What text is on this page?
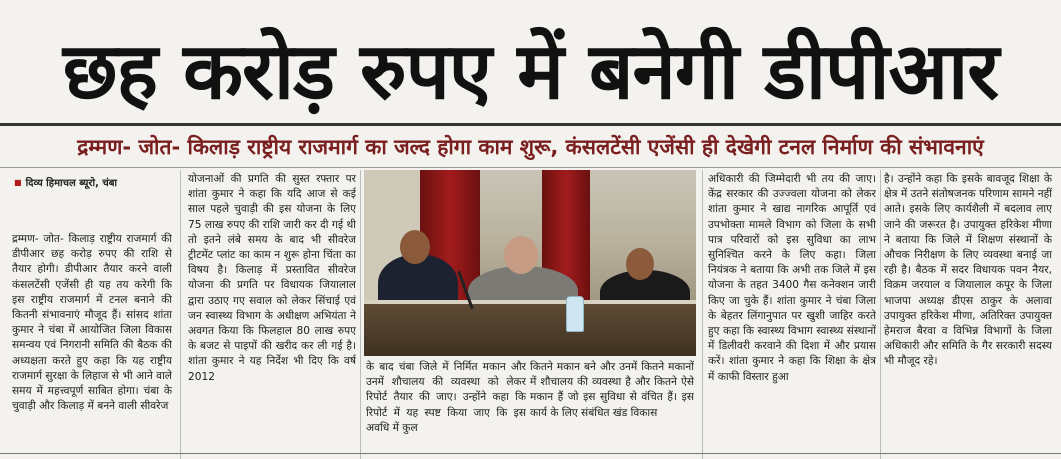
छह करोड़ रुपए में बनेगी डीपीआर
द्रम्मण- जोत- किलाड़ राष्ट्रीय राजमार्ग का जल्द होगा काम शुरू, कंसलटेंसी एजेंसी ही देखेगी टनल निर्माण की संभावनाएं
■ दिव्य हिमाचल ब्यूरो, चंबा

द्रम्मण- जोत- किलाड़ राष्ट्रीय राजमार्ग की डीपीआर छह करोड़ रुपए की राशि से तैयार होगी। डीपीआर तैयार करने वाली कंसलटेंसी एजेंसी ही यह तय करेगी कि इस राष्ट्रीय राजमार्ग में टनल बनाने की कितनी संभावनाएं मौजूद हैं। सांसद शांता कुमार ने चंबा में आयोजित जिला विकास समन्वय एवं निगरानी समिति की बैठक की अध्यक्षता करते हुए कहा कि यह राष्ट्रीय राजमार्ग सुरक्षा के लिहाज से भी आने वाले समय में महत्त्वपूर्ण साबित होगा। चंबा के चुवाड़ी और किलाड़ में बनने वाली सीवरेज

योजनाओं की प्रगति की सुस्त रफ्तार पर शांता कुमार ने कहा कि यदि आज से कई साल पहले चुवाड़ी की इस योजना के लिए 75 लाख रुपए की राशि जारी कर दी गई थी तो इतने लंबे समय के बाद भी सीवरेज ट्रीटमेंट प्लांट का काम न शुरू होना चिंता का विषय है। किलाड़ में प्रस्तावित सीवरेज योजना की प्रगति पर विधायक जियालाल द्वारा उठाए गए सवाल को लेकर सिंचाई एवं जन स्वास्थ्य विभाग के अधीक्षण अभियंता ने अवगत किया कि फिलहाल 80 लाख रुपए के बजट से पाइपों की खरीद कर ली गई है। शांता कुमार ने यह निर्देश भी दिए कि वर्ष 2012

के बाद चंबा जिले में निर्मित मकान और उनमें शौचालय की व्यवस्था को लेकर रिपोर्ट तैयार की जाए। उन्होंने कहा कि रिपोर्ट में यह स्पष्ट किया जाए कि इस अवधि में कुल

कितने मकान बने और उनमें कितने मकानों में शौचालय की व्यवस्था है और कितने ऐसे मकान हैं जो इस सुविधा से वंचित हैं। इस कार्य के लिए संबंधित खंड विकास

अधिकारी की जिम्मेदारी भी तय की जाए। केंद्र सरकार की उज्ज्वला योजना को लेकर शांता कुमार ने खाद्य नागरिक आपूर्ति एवं उपभोक्ता मामले विभाग को जिला के सभी पात्र परिवारों को इस सुविधा का लाभ सुनिश्चित करने के लिए कहा। जिला नियंत्रक ने बताया कि अभी तक जिले में इस योजना के तहत 3400 गैस कनेक्शन जारी किए जा चुके हैं। शांता कुमार ने चंबा जिला के बेहतर लिंगानुपात पर खुशी जाहिर करते हुए कहा कि स्वास्थ्य विभाग स्वास्थ्य संस्थानों में डिलीवरी करवाने की दिशा में और प्रयास करें। शांता कुमार ने कहा कि शिक्षा के क्षेत्र में काफी विस्तार हुआ

है। उन्होंने कहा कि इसके बावजूद शिक्षा के क्षेत्र में उतने संतोषजनक परिणाम सामने नहीं आते। इसके लिए कार्यशैली में बदलाव लाए जाने की जरूरत है। उपायुक्त हरिकेश मीणा ने बताया कि जिले में शिक्षण संस्थानों के औचक निरीक्षण के लिए व्यवस्था बनाई जा रही है। बैठक में सदर विधायक पवन नैयर, विक्रम जरयाल व जियालाल कपूर के जिला भाजपा अध्यक्ष डीएस ठाकुर के अलावा उपायुक्त हरिकेश मीणा, अतिरिक्त उपायुक्त हेमराज बैरवा व विभिन्न विभागों के जिला अधिकारी और समिति के गैर सरकारी सदस्य भी मौजूद रहे।
